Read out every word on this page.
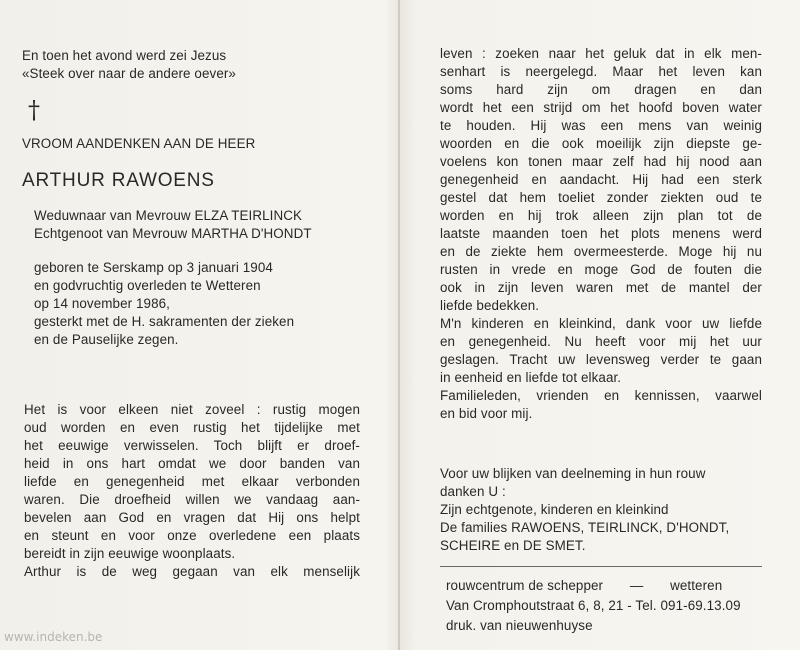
En toen het avond werd zei Jezus
«Steek over naar de andere oever»
†
VROOM AANDENKEN AAN DE HEER
ARTHUR RAWOENS
Weduwnaar van Mevrouw ELZA TEIRLINCK
Echtgenoot van Mevrouw MARTHA D'HONDT
geboren te Serskamp op 3 januari 1904
en godvruchtig overleden te Wetteren
op 14 november 1986,
gesterkt met de H. sakramenten der zieken
en de Pauselijke zegen.
Het is voor elkeen niet zoveel : rustig mogen
oud worden en even rustig het tijdelijke met
het eeuwige verwisselen. Toch blijft er droef-
heid in ons hart omdat we door banden van
liefde en genegenheid met elkaar verbonden
waren. Die droefheid willen we vandaag aan-
bevelen aan God en vragen dat Hij ons helpt
en steunt en voor onze overledene een plaats
bereidt in zijn eeuwige woonplaats.
Arthur is de weg gegaan van elk menselijk
leven : zoeken naar het geluk dat in elk men-
senhart is neergelegd. Maar het leven kan
soms hard zijn om dragen en dan
wordt het een strijd om het hoofd boven water
te houden. Hij was een mens van weinig
woorden en die ook moeilijk zijn diepste ge-
voelens kon tonen maar zelf had hij nood aan
genegenheid en aandacht. Hij had een sterk
gestel dat hem toeliet zonder ziekten oud te
worden en hij trok alleen zijn plan tot de
laatste maanden toen het plots menens werd
en de ziekte hem overmeesterde. Moge hij nu
rusten in vrede en moge God de fouten die
ook in zijn leven waren met de mantel der
liefde bedekken.
M'n kinderen en kleinkind, dank voor uw liefde
en genegenheid. Nu heeft voor mij het uur
geslagen. Tracht uw levensweg verder te gaan
in eenheid en liefde tot elkaar.
Familieleden, vrienden en kennissen, vaarwel
en bid voor mij.
Voor uw blijken van deelneming in hun rouw
danken U :
Zijn echtgenote, kinderen en kleinkind
De families RAWOENS, TEIRLINCK, D'HONDT,
SCHEIRE en DE SMET.
rouwcentrum de schepper       —       wetteren
Van Cromphoutstraat 6, 8, 21 - Tel. 091-69.13.09
druk. van nieuwenhuyse
www.indeken.be
